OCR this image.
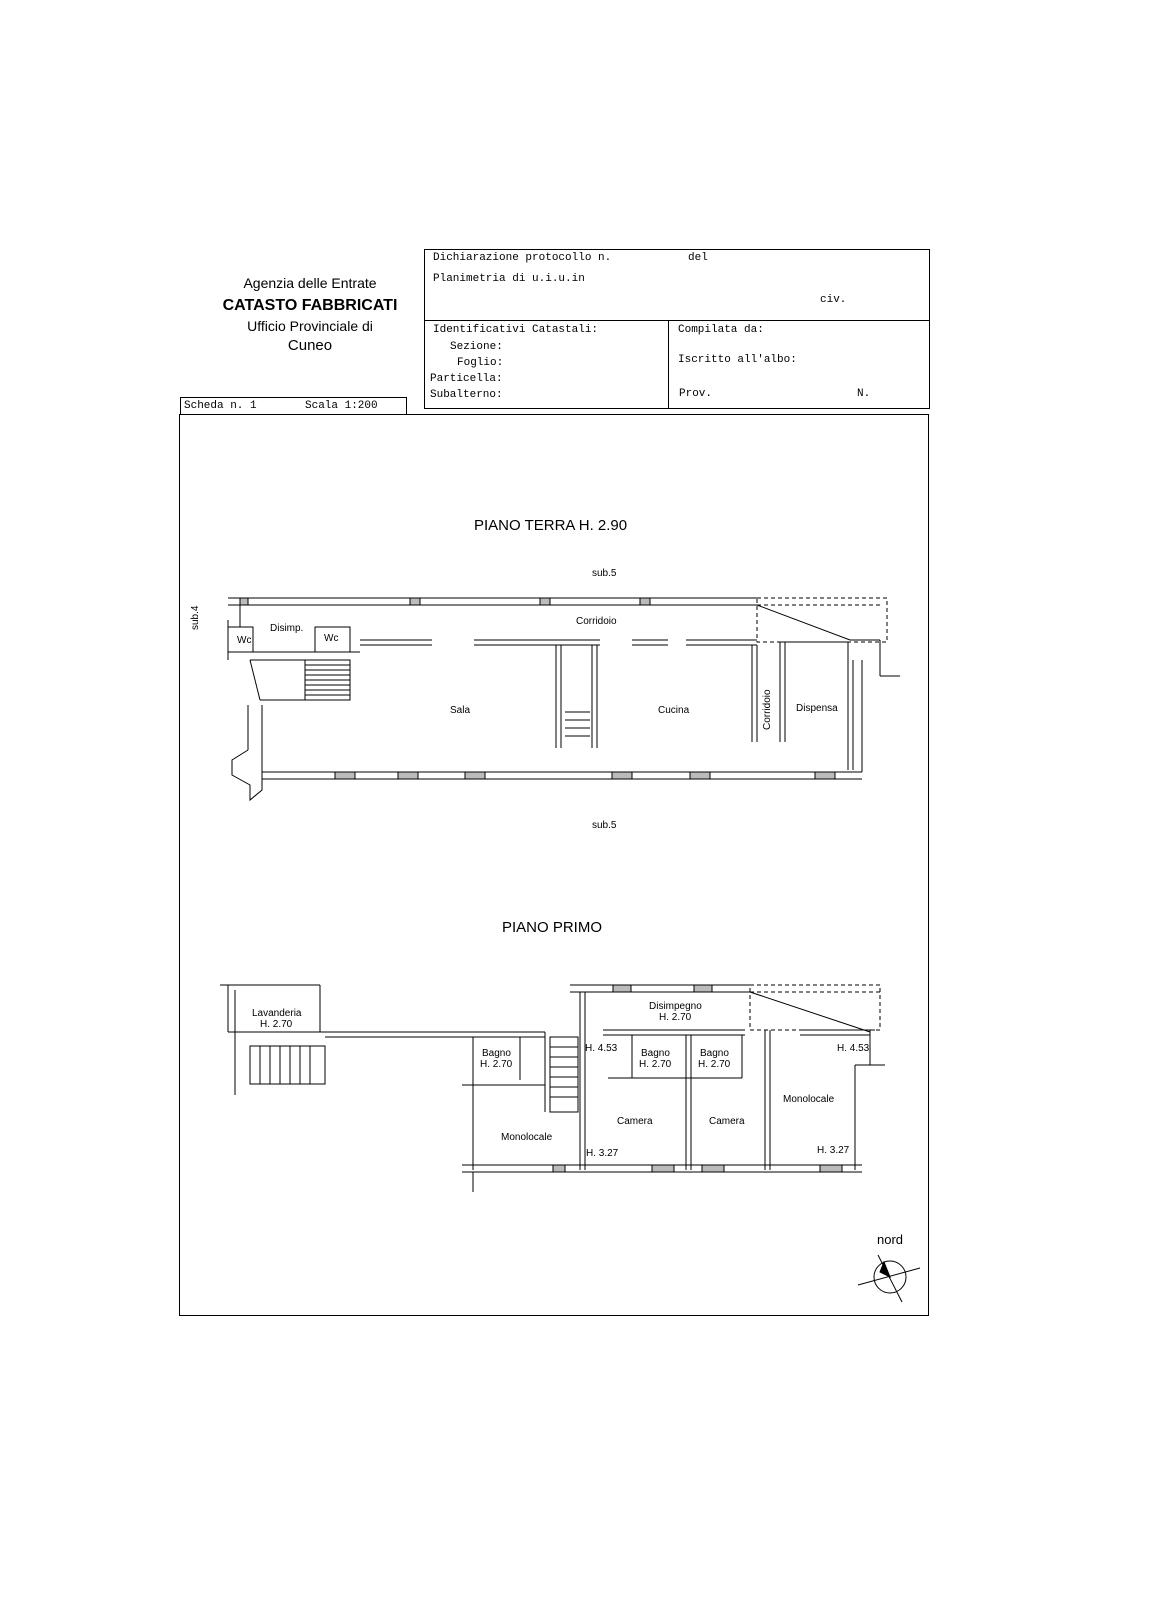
Agenzia delle Entrate
CATASTO FABBRICATI
Ufficio Provinciale di
Cuneo
Dichiarazione protocollo n.	del
Planimetria di u.i.u.in
civ.
Identificativi Catastali:
Sezione:
Foglio:
Particella:
Subalterno:
Compilata da:
Iscritto all'albo:
Prov.	N.
Scheda n. 1	Scala 1:200
PIANO TERRA H. 2.90
PIANO PRIMO
sub.5
sub.5
sub.4
Wc
Disimp.
Wc
Corridoio
Sala	Cucina	Corridoio Dispensa
Lavanderia
H. 2.70
Bagno
H. 2.70
Monolocale
H. 4.53
Disimpegno
H. 2.70
Bagno
H. 2.70
Bagno
H. 2.70
Camera
H. 3.27
Camera
H. 4.53
Monolocale
H. 3.27
nord
